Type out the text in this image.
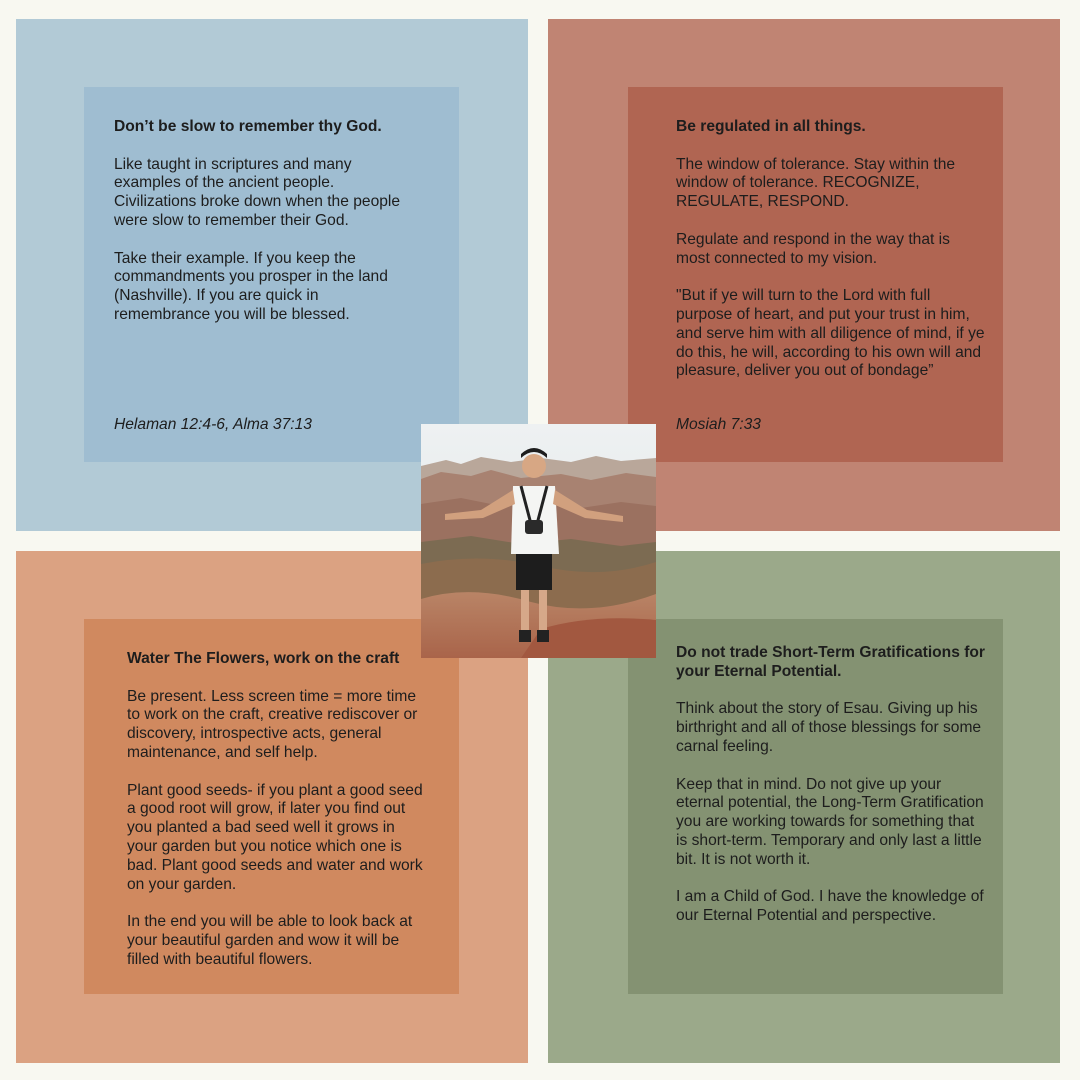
Don’t be slow to remember thy God.

Like taught in scriptures and many examples of the ancient people. Civilizations broke down when the people were slow to remember their God.

Take their example. If you keep the commandments you prosper in the land (Nashville). If you are quick in remembrance you will be blessed.

Helaman 12:4-6, Alma 37:13

Be regulated in all things.

The window of tolerance. Stay within the window of tolerance. RECOGNIZE, REGULATE, RESPOND.

Regulate and respond in the way that is most connected to my vision.

"But if ye will turn to the Lord with full purpose of heart, and put your trust in him, and serve him with all diligence of mind, if ye do this, he will, according to his own will and pleasure, deliver you out of bondage”

Mosiah 7:33

Water The Flowers, work on the craft

Be present. Less screen time = more time to work on the craft, creative rediscover or discovery, introspective acts, general maintenance, and self help.

Plant good seeds- if you plant a good seed a good root will grow, if later you find out you planted a bad seed well it grows in your garden but you notice which one is bad. Plant good seeds and water and work on your garden.

In the end you will be able to look back at your beautiful garden and wow it will be filled with beautiful flowers.

Do not trade Short-Term Gratifications for your Eternal Potential.

Think about the story of Esau. Giving up his birthright and all of those blessings for some carnal feeling.

Keep that in mind. Do not give up your eternal potential, the Long-Term Gratification you are working towards for something that is short-term. Temporary and only last a little bit. It is not worth it.

I am a Child of God. I have the knowledge of our Eternal Potential and perspective.
